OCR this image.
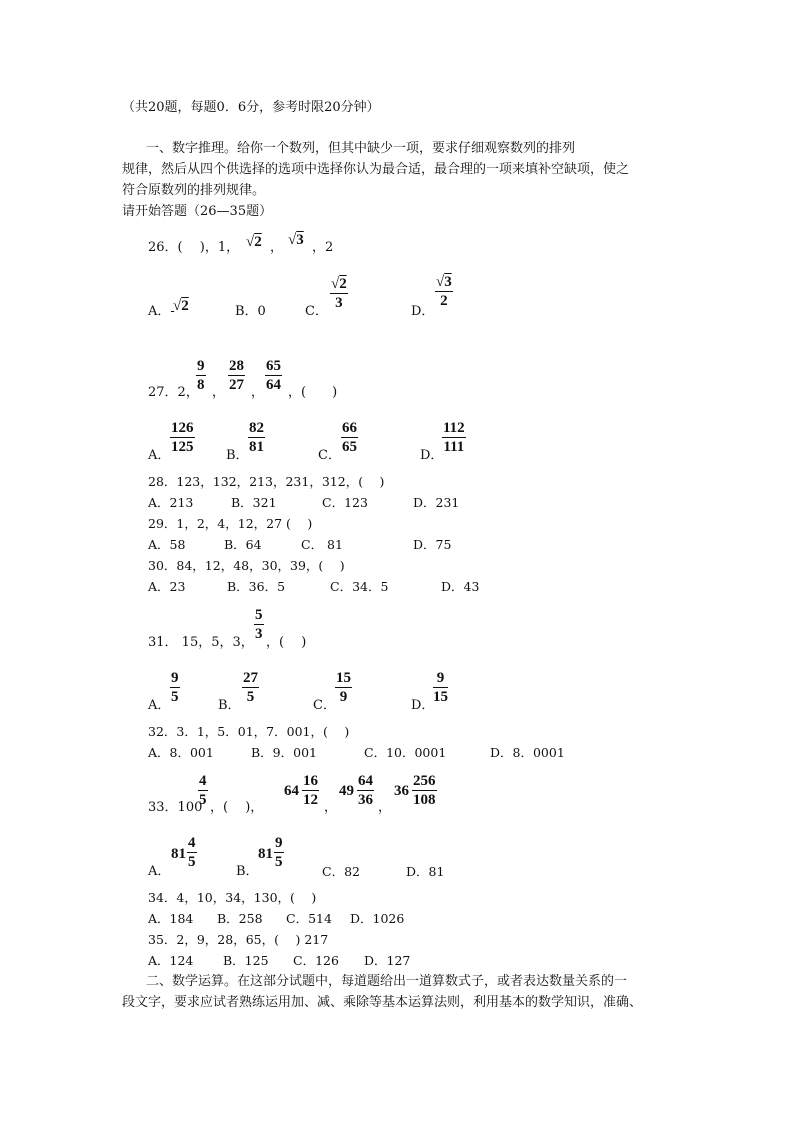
（共20题，每题0．6分，参考时限20分钟）
一、数字推理。给你一个数列，但其中缺少一项，要求仔细观察数列的排列
规律，然后从四个供选择的选项中选择你认为最合适，最合理的一项来填补空缺项，使之
符合原数列的排列规律。
请开始答题（26—35题）
26．(　 )，1， √2 ， √3 ，2
A．-
√2	B．0	C．
√2
3
D．
√3
2
27．2，
9
8 ，
28
27 ，
65
64 ，(　　)
A．
126
125
B．
82
81
C．
66
65
D．
112
111
28．123，132，213，231，312，(　 )
A．213	B．321	C．123	D．231
29．1，2，4，12，27 (　 )
A．58	B．64	C． 81	D．75
30．84，12，48，30，39，(　 )
A．23	B．36．5	C．34．5	D．43
31． 15，5，3，
5
3
，(　 )
A．
9
5
B．
27
5
C．
15
9
D．
9
15
32．3．1，5．01，7．001，(　 )
A．8．001	B．9．001	C．10．0001	D．8．0001
33．100
4
5 ，(　 )，
64
16
12 ，
49
64
36 ，
36
256
108
A．
81
4
5
B．
81
9
5
C．82	D．81
34．4，10，34，130，(　 )
A．184 B．258 C．514 D．1026
35．2，9，28，65，(　 ) 217
A．124 B．125 C．126 D．127
二、数学运算。在这部分试题中，每道题给出一道算数式子，或者表达数量关系的一
段文字，要求应试者熟练运用加、减、乘除等基本运算法则，利用基本的数学知识，准确、
